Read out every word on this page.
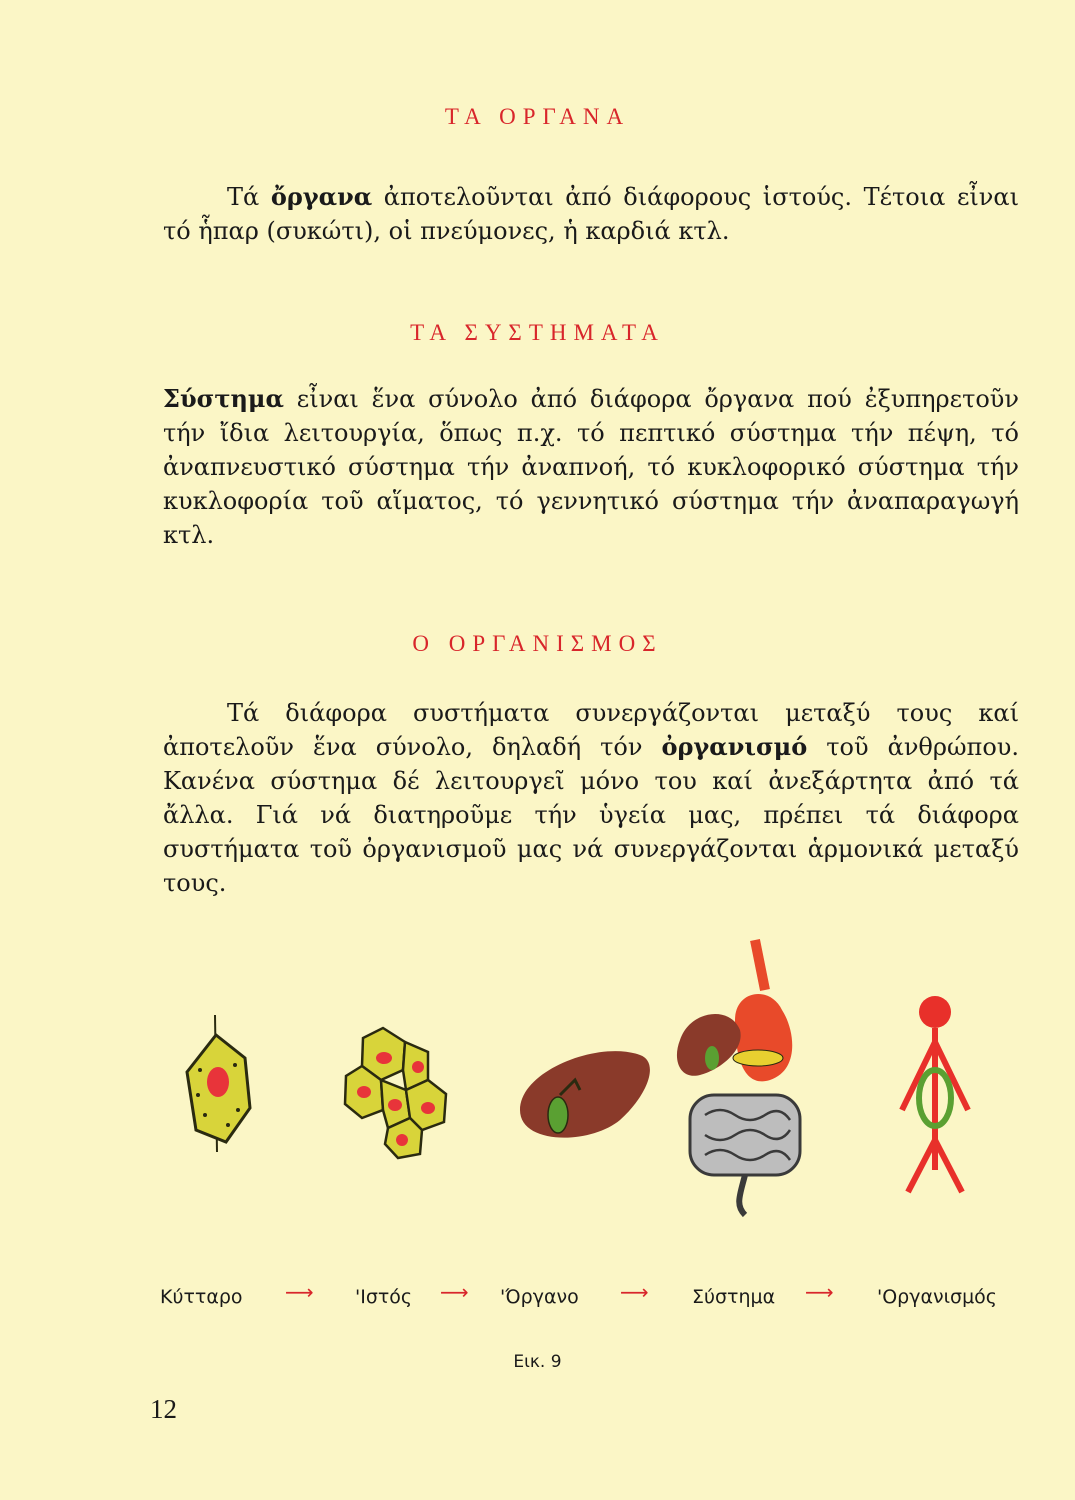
ΤΑ ΟΡΓΑΝΑ

Τά ὄργανα ἀποτελοῦνται ἀπό διάφορους ἱστούς. Τέτοια εἶναι τό ἧπαρ (συκώτι), οἱ πνεύμονες, ἡ καρδιά κτλ.

ΤΑ ΣΥΣΤΗΜΑΤΑ

Σύστημα εἶναι ἕνα σύνολο ἀπό διάφορα ὄργανα πού ἐξυπηρετοῦν τήν ἴδια λειτουργία, ὅπως π.χ. τό πεπτικό σύστημα τήν πέψη, τό ἀναπνευστικό σύστημα τήν ἀναπνοή, τό κυκλοφορικό σύστημα τήν κυκλοφορία τοῦ αἵματος, τό γεννητικό σύστημα τήν ἀναπαραγωγή κτλ.

Ο ΟΡΓΑΝΙΣΜΟΣ

Τά διάφορα συστήματα συνεργάζονται μεταξύ τους καί ἀποτελοῦν ἕνα σύνολο, δηλαδή τόν ὀργανισμό τοῦ ἀνθρώπου. Κανένα σύστημα δέ λειτουργεῖ μόνο του καί ἀνεξάρτητα ἀπό τά ἄλλα. Γιά νά διατηροῦμε τήν ὑγεία μας, πρέπει τά διάφορα συστήματα τοῦ ὀργανισμοῦ μας νά συνεργάζονται ἁρμονικά μεταξύ τους.

Κύτταρο ⟶ 'Ιστός ⟶ 'Όργανο ⟶ Σύστημα ⟶ 'Οργανισμός
Εικ. 9
12
